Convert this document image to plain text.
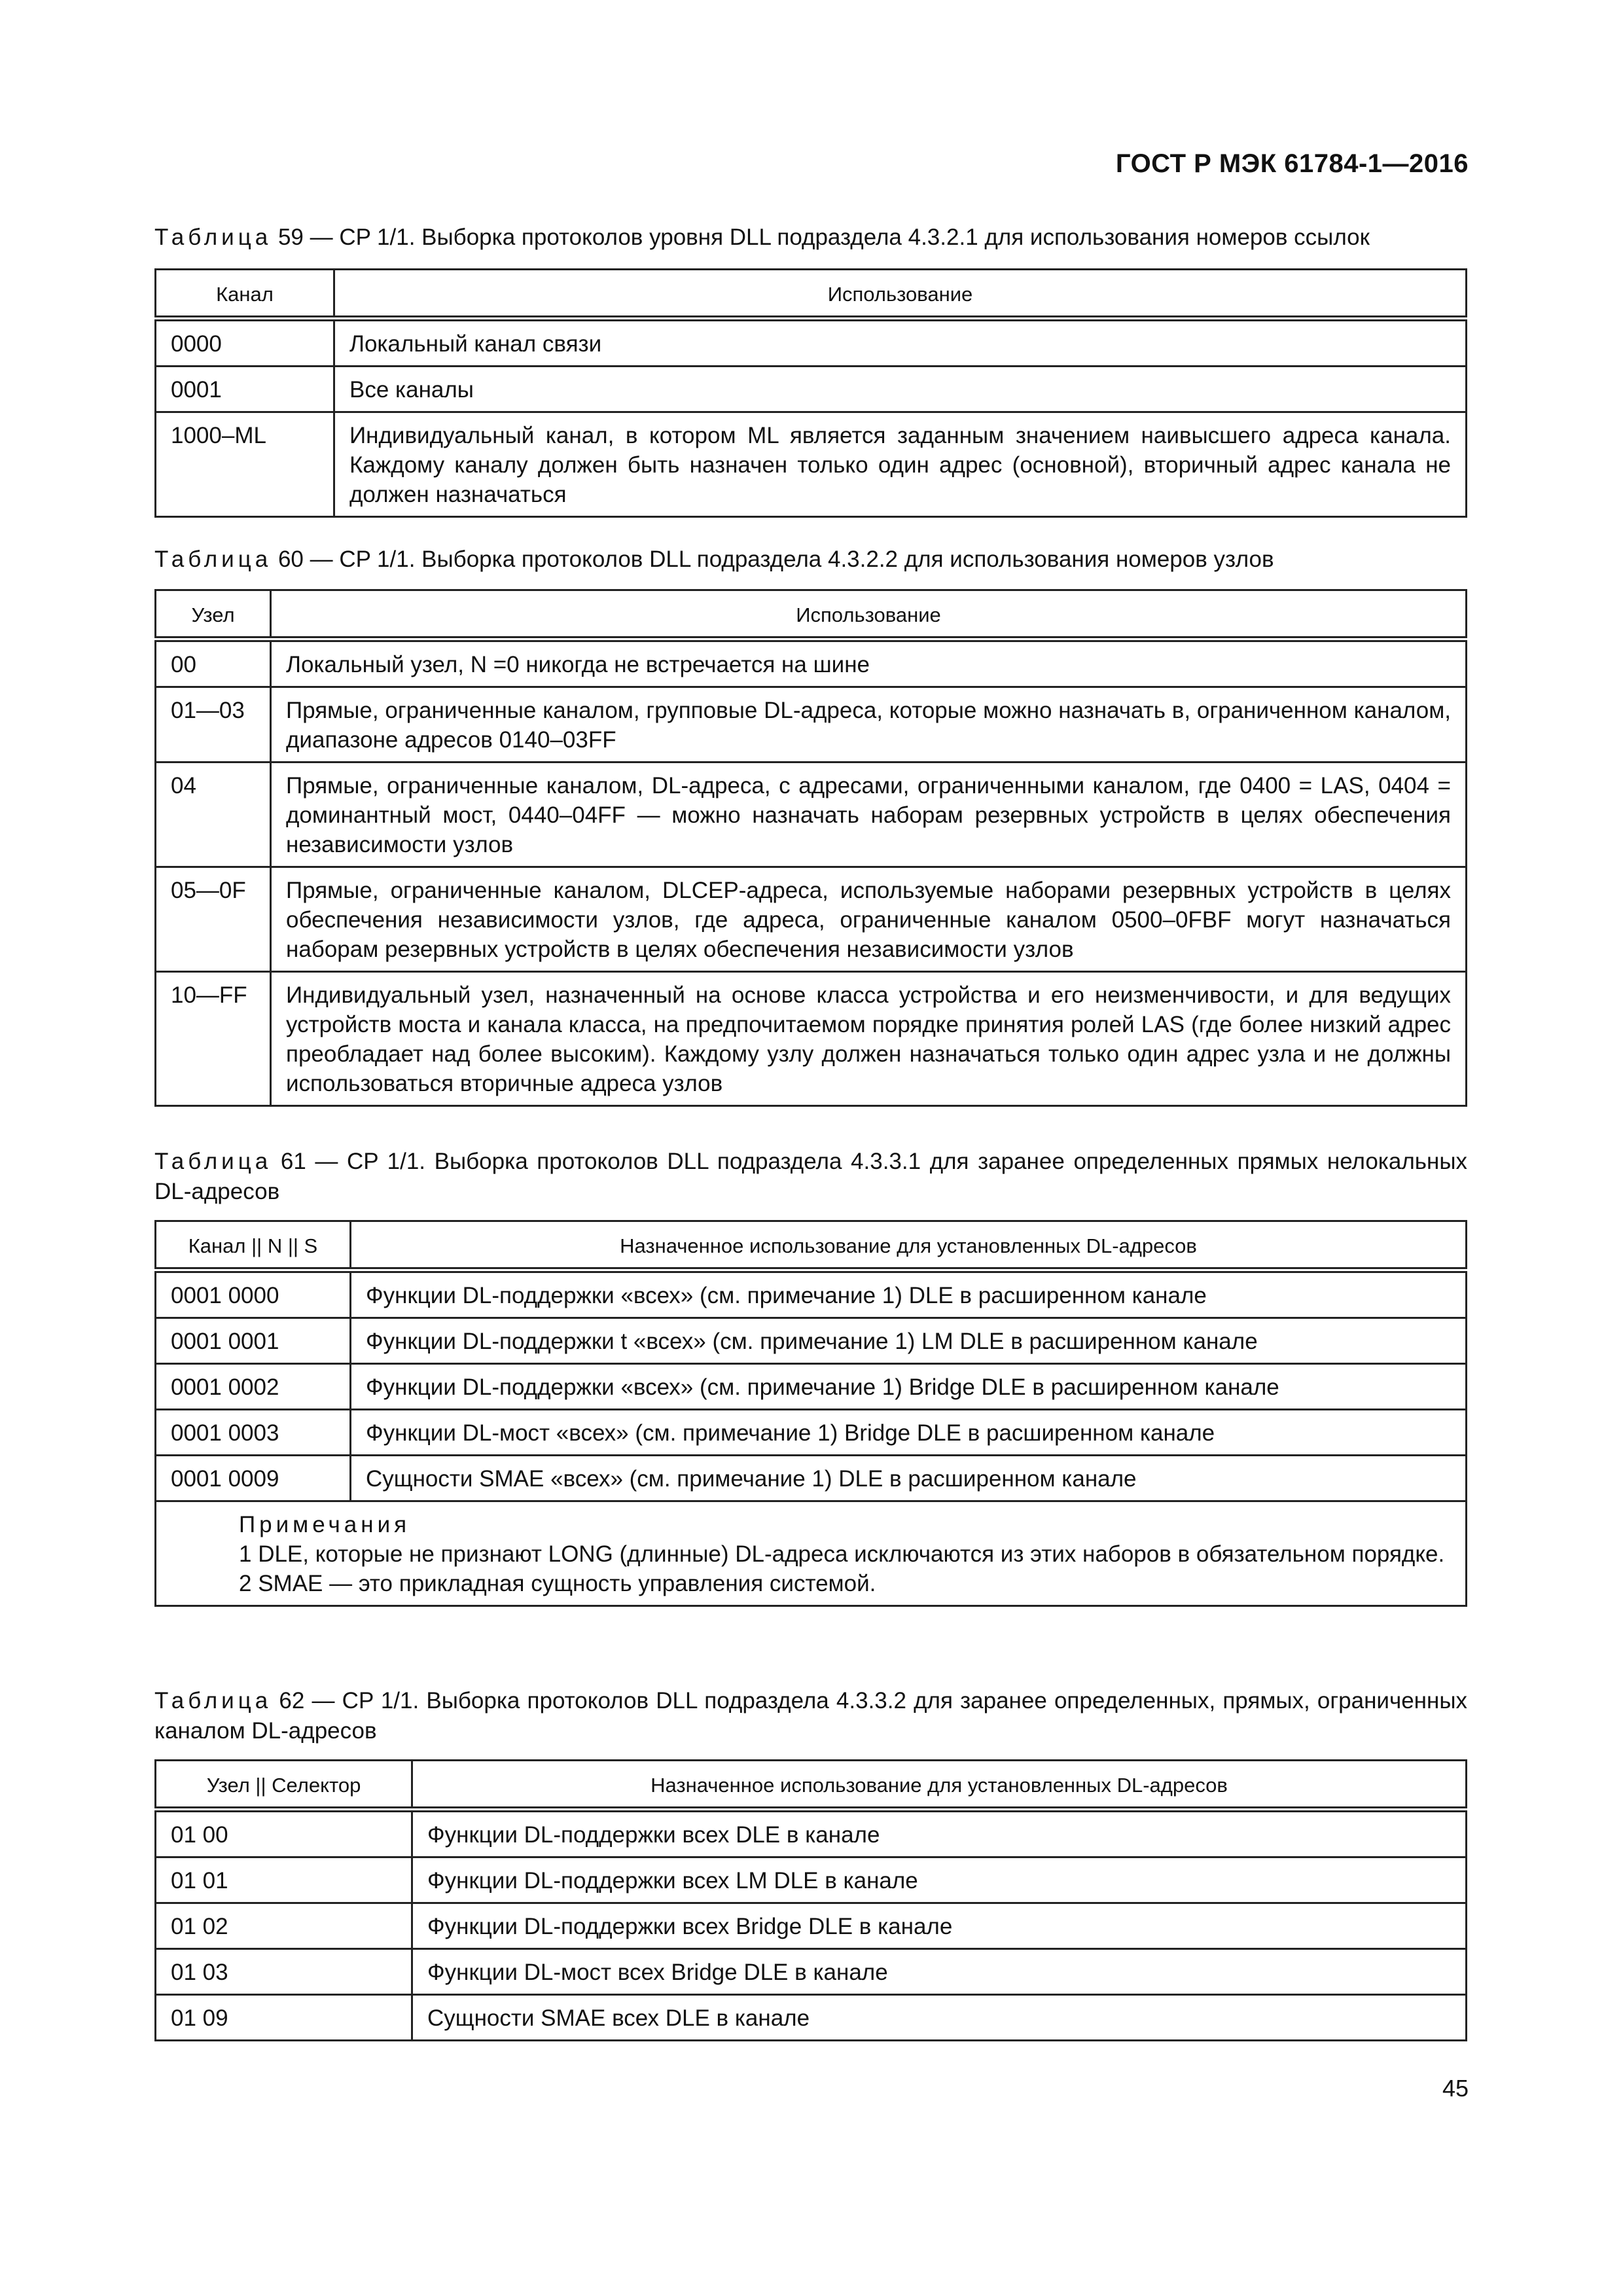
ГОСТ Р МЭК 61784-1—2016
Таблица 59 — CP 1/1. Выборка протоколов уровня DLL подраздела 4.3.2.1 для использования номеров ссылок
Канал	Использование
0000	Локальный канал связи
0001	Все каналы
1000–ML	Индивидуальный канал, в котором ML является заданным значением наивысшего адреса канала. Каждому каналу должен быть назначен только один адрес (основной), вторичный адрес канала не должен назначаться
Таблица 60 — CP 1/1. Выборка протоколов DLL подраздела 4.3.2.2 для использования номеров узлов
Узел	Использование
00	Локальный узел, N =0 никогда не встречается на шине
01—03	Прямые, ограниченные каналом, групповые DL-адреса, которые можно назначать в, ограниченном каналом, диапазоне адресов 0140–03FF
04	Прямые, ограниченные каналом, DL-адреса, с адресами, ограниченными каналом, где 0400 = LAS, 0404 = доминантный мост, 0440–04FF — можно назначать наборам резервных устройств в целях обеспечения независимости узлов
05—0F	Прямые, ограниченные каналом, DLCEP-адреса, используемые наборами резервных устройств в целях обеспечения независимости узлов, где адреса, ограниченные каналом 0500–0FBF могут назначаться наборам резервных устройств в целях обеспечения независимости узлов
10—FF	Индивидуальный узел, назначенный на основе класса устройства и его неизменчивости, и для ведущих устройств моста и канала класса, на предпочитаемом порядке принятия ролей LAS (где более низкий адрес преобладает над более высоким). Каждому узлу должен назначаться только один адрес узла и не должны использоваться вторичные адреса узлов
Таблица 61 — CP 1/1. Выборка протоколов DLL подраздела 4.3.3.1 для заранее определенных прямых нелокальных DL-адресов
Канал || N || S	Назначенное использование для установленных DL-адресов
0001 0000	Функции DL-поддержки «всех» (см. примечание 1) DLE в расширенном канале
0001 0001	Функции DL-поддержки t «всех» (см. примечание 1) LM DLE в расширенном канале
0001 0002	Функции DL-поддержки «всех» (см. примечание 1) Bridge DLE в расширенном канале
0001 0003	Функции DL-мост «всех» (см. примечание 1) Bridge DLE в расширенном канале
0001 0009	Сущности SMAE «всех» (см. примечание 1) DLE в расширенном канале

Примечания
1 DLE, которые не признают LONG (длинные) DL-адреса исключаются из этих наборов в обязательном порядке.
2 SMAE — это прикладная сущность управления системой.	
Таблица 62 — CP 1/1. Выборка протоколов DLL подраздела 4.3.3.2 для заранее определенных, прямых, ограниченных каналом DL-адресов
Узел || Селектор	Назначенное использование для установленных DL-адресов
01 00	Функции DL-поддержки всех DLE в канале
01 01	Функции DL-поддержки всех LM DLE в канале
01 02	Функции DL-поддержки всех Bridge DLE в канале
01 03	Функции DL-мост всех Bridge DLE в канале
01 09	Сущности SMAE всех DLE в канале
45
